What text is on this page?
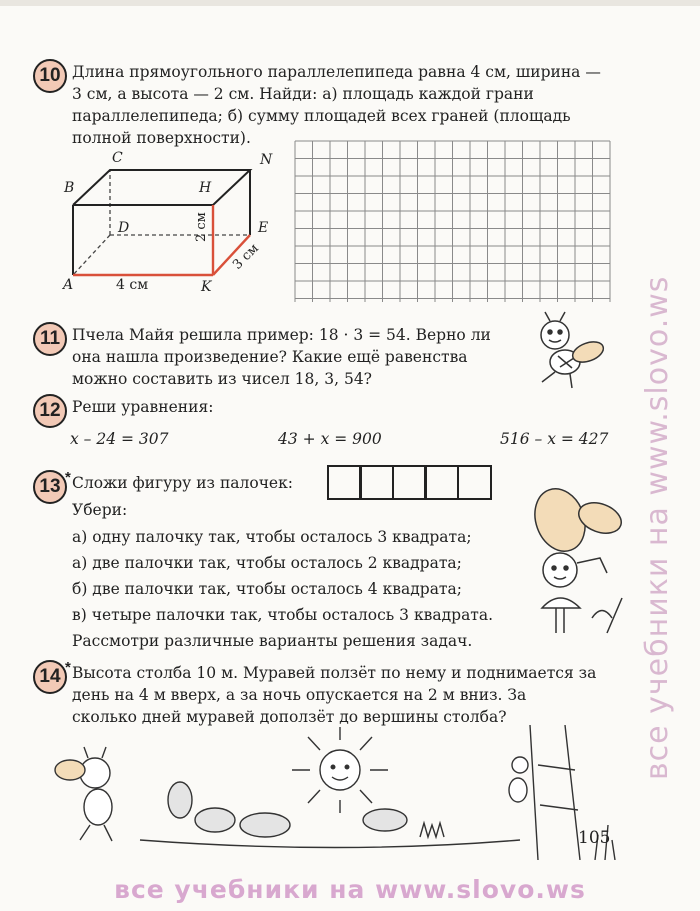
все учебники на www.slovo.ws
10 Длина прямоугольного параллелепипеда равна 4 см, ширина —
3 см, а высота — 2 см. Найди: а) площадь каждой грани
параллелепипеда; б) сумму площадей всех граней (площадь
полной поверхности).
C	N
B	H
D	E
A	K
4 см
2 см
3 см
11 Пчела Майя решила пример: 18 · 3 = 54. Верно ли
она нашла произведение? Какие ещё равенства
можно составить из чисел 18, 3, 54?
12 Реши уравнения:
x – 24 = 307	43 + x = 900	516 – x = 427
13 * Сложи фигуру из палочек:
Убери:
а) одну палочку так, чтобы осталось 3 квадрата;
а) две палочки так, чтобы осталось 2 квадрата;
б) две палочки так, чтобы осталось 4 квадрата;
в) четыре палочки так, чтобы осталось 3 квадрата.
Рассмотри различные варианты решения задач.
14 * Высота столба 10 м. Муравей ползёт по нему и поднимается за
день на 4 м вверх, а за ночь опускается на 2 м вниз. За
сколько дней муравей доползёт до вершины столба?
105
все учебники на www.slovo.ws
